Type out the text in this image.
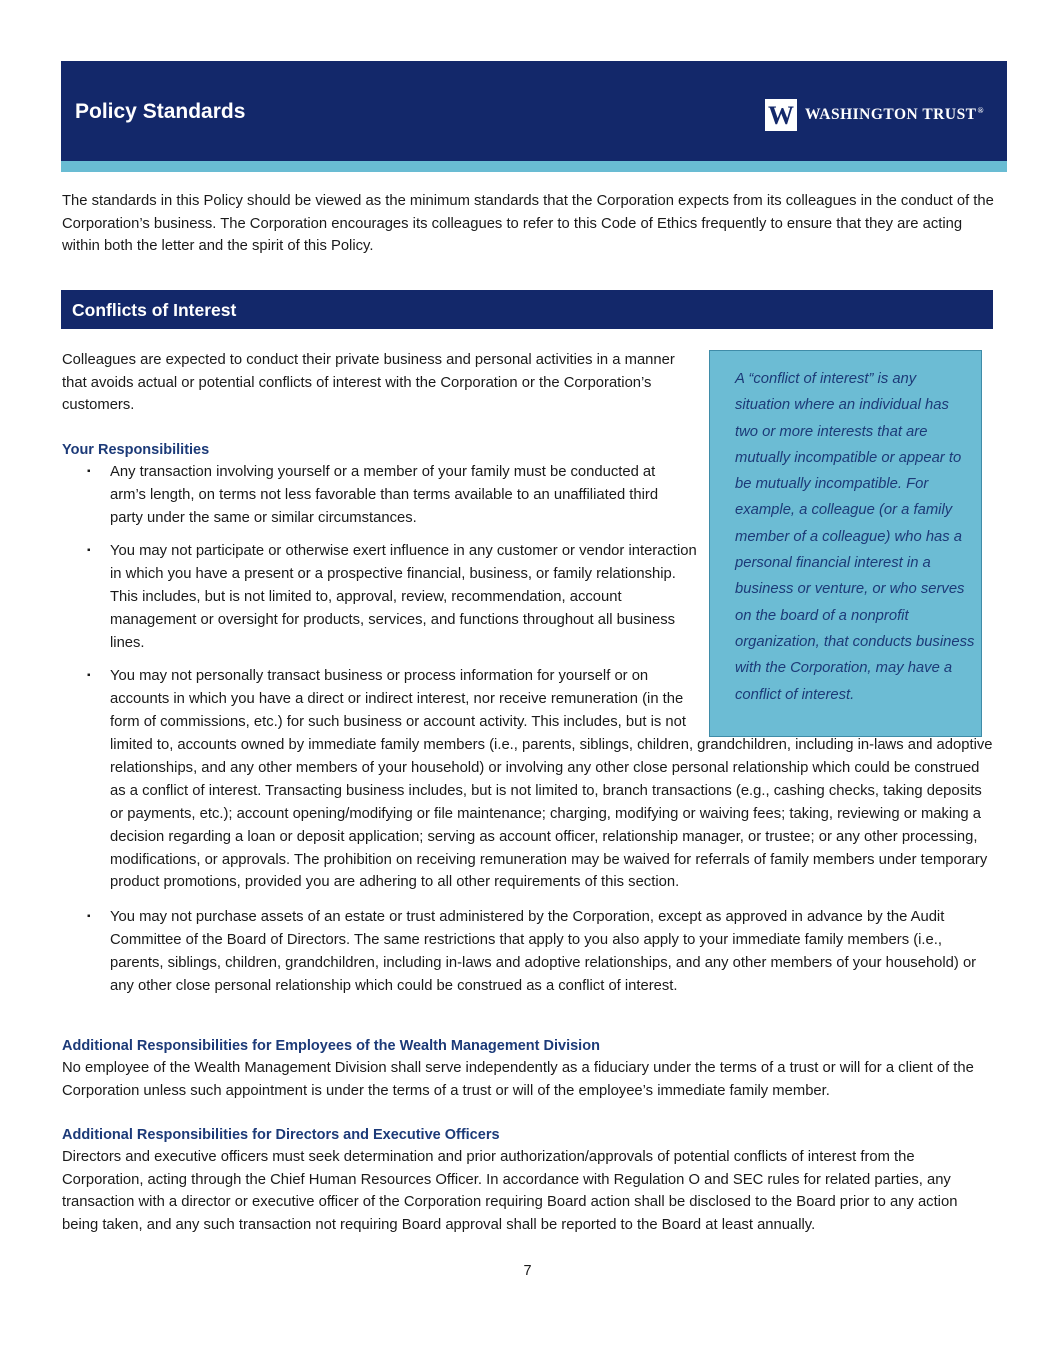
Policy Standards	W WASHINGTON TRUST®

The standards in this Policy should be viewed as the minimum standards that the Corporation expects from its colleagues in the conduct of the Corporation’s business. The Corporation encourages its colleagues to refer to this Code of Ethics frequently to ensure that they are acting within both the letter and the spirit of this Policy.

Conflicts of Interest

Colleagues are expected to conduct their private business and personal activities in a manner that avoids actual or potential conflicts of interest with the Corporation or the Corporation’s customers.

A “conflict of interest” is any situation where an individual has two or more interests that are mutually incompatible or appear to be mutually incompatible. For example, a colleague (or a family member of a colleague) who has a personal financial interest in a business or venture, or who serves on the board of a nonprofit organization, that conducts business with the Corporation, may have a conflict of interest.

Your Responsibilities
▪ Any transaction involving yourself or a member of your family must be conducted at arm’s length, on terms not less favorable than terms available to an unaffiliated third party under the same or similar circumstances.
▪ You may not participate or otherwise exert influence in any customer or vendor interaction in which you have a present or a prospective financial, business, or family relationship. This includes, but is not limited to, approval, review, recommendation, account management or oversight for products, services, and functions throughout all business lines.
▪ You may not personally transact business or process information for yourself or on accounts in which you have a direct or indirect interest, nor receive remuneration (in the form of commissions, etc.) for such business or account activity. This includes, but is not limited to, accounts owned by immediate family members (i.e., parents, siblings, children, grandchildren, including in-laws and adoptive relationships, and any other members of your household) or involving any other close personal relationship which could be construed as a conflict of interest. Transacting business includes, but is not limited to, branch transactions (e.g., cashing checks, taking deposits or payments, etc.); account opening/modifying or file maintenance; charging, modifying or waiving fees; taking, reviewing or making a decision regarding a loan or deposit application; serving as account officer, relationship manager, or trustee; or any other processing, modifications, or approvals. The prohibition on receiving remuneration may be waived for referrals of family members under temporary product promotions, provided you are adhering to all other requirements of this section.
▪ You may not purchase assets of an estate or trust administered by the Corporation, except as approved in advance by the Audit Committee of the Board of Directors. The same restrictions that apply to you also apply to your immediate family members (i.e., parents, siblings, children, grandchildren, including in-laws and adoptive relationships, and any other members of your household) or any other close personal relationship which could be construed as a conflict of interest.
Additional Responsibilities for Employees of the Wealth Management Division

No employee of the Wealth Management Division shall serve independently as a fiduciary under the terms of a trust or will for a client of the Corporation unless such appointment is under the terms of a trust or will of the employee’s immediate family member.

Additional Responsibilities for Directors and Executive Officers

Directors and executive officers must seek determination and prior authorization/approvals of potential conflicts of interest from the Corporation, acting through the Chief Human Resources Officer. In accordance with Regulation O and SEC rules for related parties, any transaction with a director or executive officer of the Corporation requiring Board action shall be disclosed to the Board prior to any action being taken, and any such transaction not requiring Board approval shall be reported to the Board at least annually.

7
